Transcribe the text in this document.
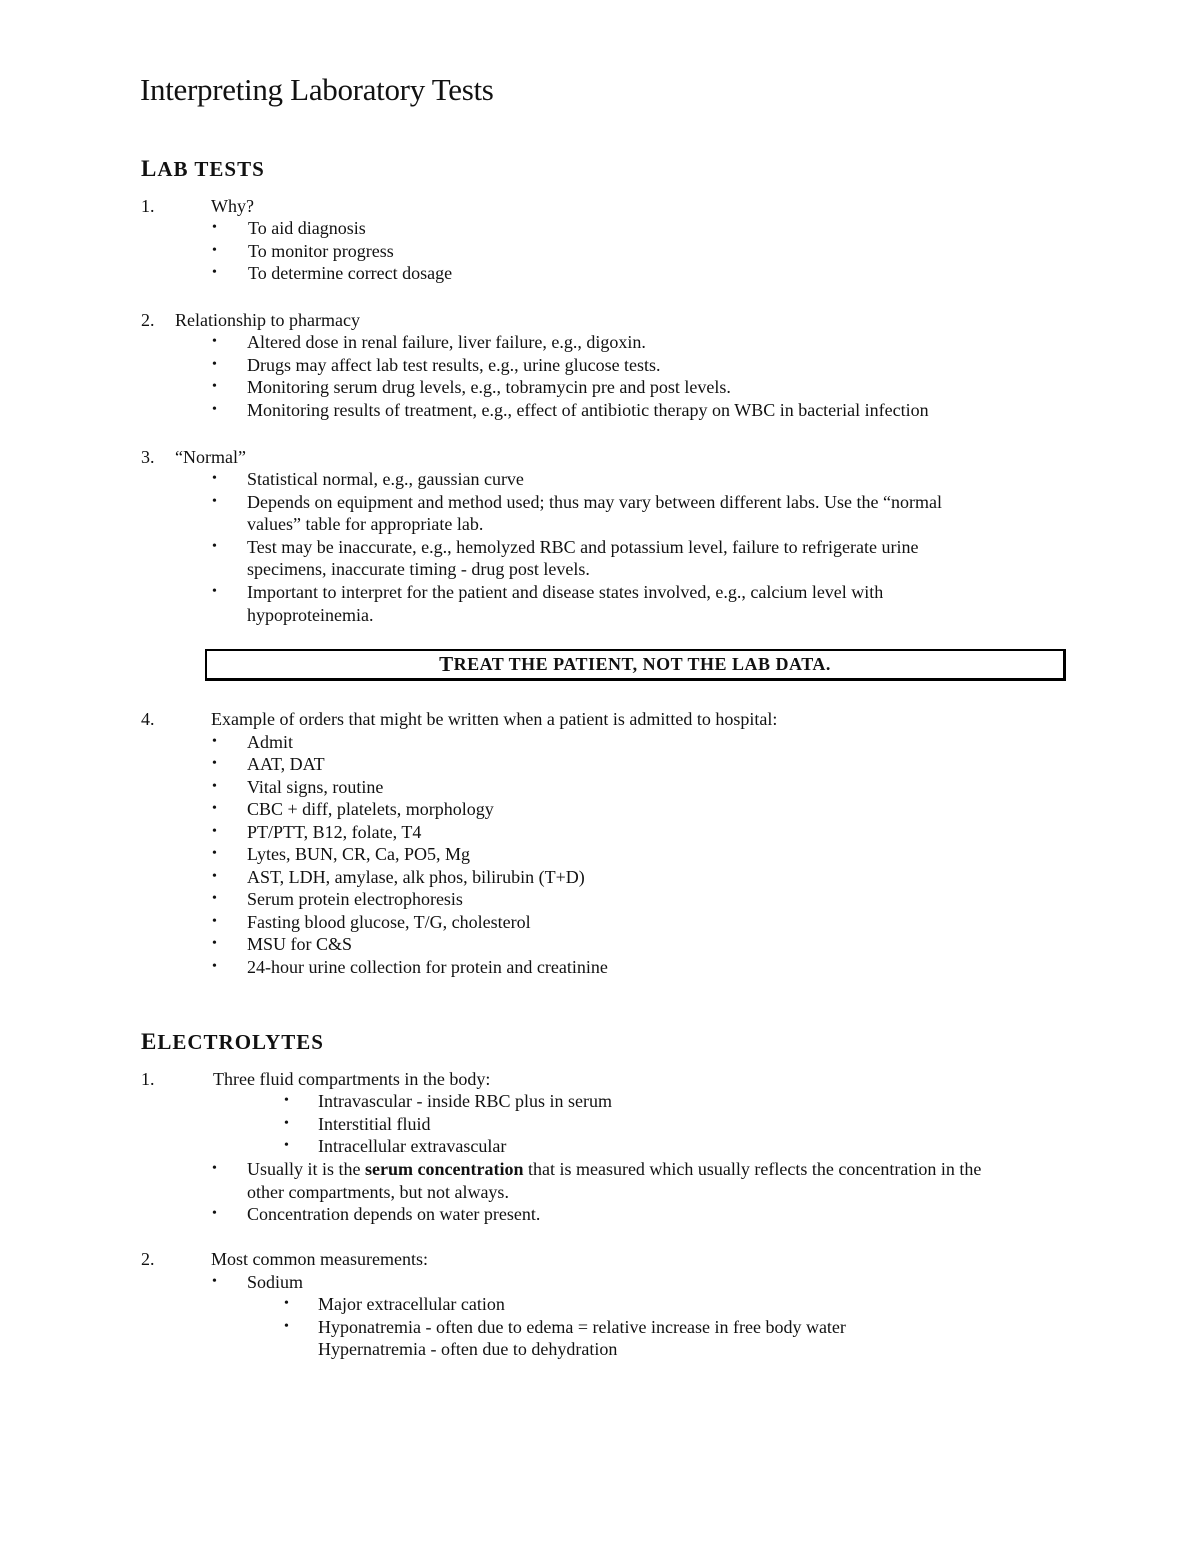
Interpreting Laboratory Tests
LAB TESTS
1.	Why?
• To aid diagnosis
• To monitor progress
• To determine correct dosage
2. Relationship to pharmacy
• Altered dose in renal failure, liver failure, e.g., digoxin.
• Drugs may affect lab test results, e.g., urine glucose tests.
• Monitoring serum drug levels, e.g., tobramycin pre and post levels.
• Monitoring results of treatment, e.g., effect of antibiotic therapy on WBC in bacterial infection
3. “Normal”
• Statistical normal, e.g., gaussian curve
• Depends on equipment and method used; thus may vary between different labs. Use the “normal
values” table for appropriate lab.
• Test may be inaccurate, e.g., hemolyzed RBC and potassium level, failure to refrigerate urine
specimens, inaccurate timing - drug post levels.
• Important to interpret for the patient and disease states involved, e.g., calcium level with
hypoproteinemia.
T REAT THE PATIENT, NOT THE LAB DATA.
4.	Example of orders that might be written when a patient is admitted to hospital:
• Admit
• AAT, DAT
• Vital signs, routine
• CBC + diff, platelets, morphology
• PT/PTT, B12, folate, T4
• Lytes, BUN, CR, Ca, PO5, Mg
• AST, LDH, amylase, alk phos, bilirubin (T+D)
• Serum protein electrophoresis
• Fasting blood glucose, T/G, cholesterol
• MSU for C&S
• 24-hour urine collection for protein and creatinine
ELECTROLYTES
1.	Three fluid compartments in the body:
• Intravascular - inside RBC plus in serum
• Interstitial fluid
• Intracellular extravascular
• Usually it is the serum concentration that is measured which usually reflects the concentration in the
other compartments, but not always.
• Concentration depends on water present.
2.	Most common measurements:
• Sodium
• Major extracellular cation
• Hyponatremia - often due to edema = relative increase in free body water
Hypernatremia - often due to dehydration
